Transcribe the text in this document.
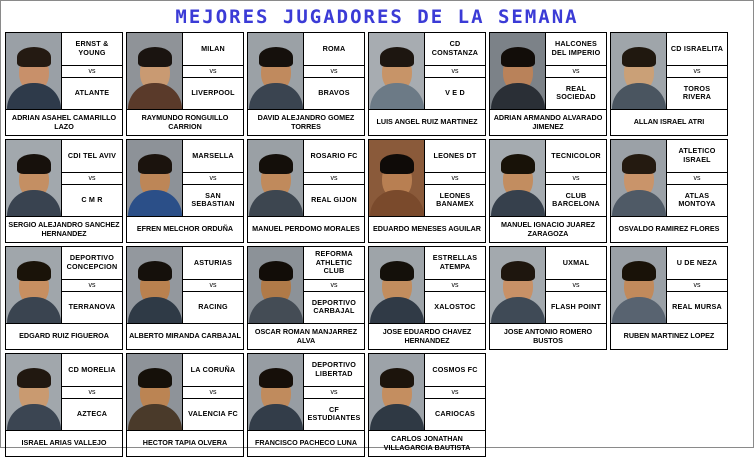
MEJORES JUGADORES DE LA SEMANA
ERNST & YOUNG
vs
ATLANTE
ADRIAN ASAHEL CAMARILLO LAZO
MILAN
vs
LIVERPOOL
RAYMUNDO RONGUILLO CARRION
ROMA
vs
BRAVOS
DAVID ALEJANDRO GOMEZ TORRES
CD CONSTANZA
vs
V E D
LUIS ANGEL RUIZ MARTINEZ
HALCONES DEL IMPERIO
vs
REAL SOCIEDAD
ADRIAN ARMANDO ALVARADO JIMENEZ
CD ISRAELITA
vs
TOROS RIVERA
ALLAN ISRAEL ATRI
CDI TEL AVIV
vs
C M R
SERGIO ALEJANDRO SANCHEZ HERNANDEZ
MARSELLA
vs
SAN SEBASTIAN
EFREN MELCHOR ORDUÑA
ROSARIO FC
vs
REAL GIJON
MANUEL PERDOMO MORALES
LEONES DT
vs
LEONES BANAMEX
EDUARDO MENESES AGUILAR
TECNICOLOR
vs
CLUB BARCELONA
MANUEL IGNACIO JUAREZ ZARAGOZA
ATLETICO ISRAEL
vs
ATLAS MONTOYA
OSVALDO RAMIREZ FLORES
DEPORTIVO CONCEPCION
vs
TERRANOVA
EDGARD RUIZ FIGUEROA
ASTURIAS
vs
RACING
ALBERTO MIRANDA CARBAJAL
REFORMA ATHLETIC CLUB
vs
DEPORTIVO CARBAJAL
OSCAR ROMAN MANJARREZ ALVA
ESTRELLAS ATEMPA
vs
XALOSTOC
JOSE EDUARDO CHAVEZ HERNANDEZ
UXMAL
vs
FLASH POINT
JOSE ANTONIO ROMERO BUSTOS
U DE NEZA
vs
REAL MURSA
RUBEN MARTINEZ LOPEZ
CD MORELIA
vs
AZTECA
ISRAEL ARIAS VALLEJO
LA CORUÑA
vs
VALENCIA FC
HECTOR TAPIA OLVERA
DEPORTIVO LIBERTAD
vs
CF ESTUDIANTES
FRANCISCO PACHECO LUNA
COSMOS FC
vs
CARIOCAS
CARLOS JONATHAN VILLAGARCIA BAUTISTA
